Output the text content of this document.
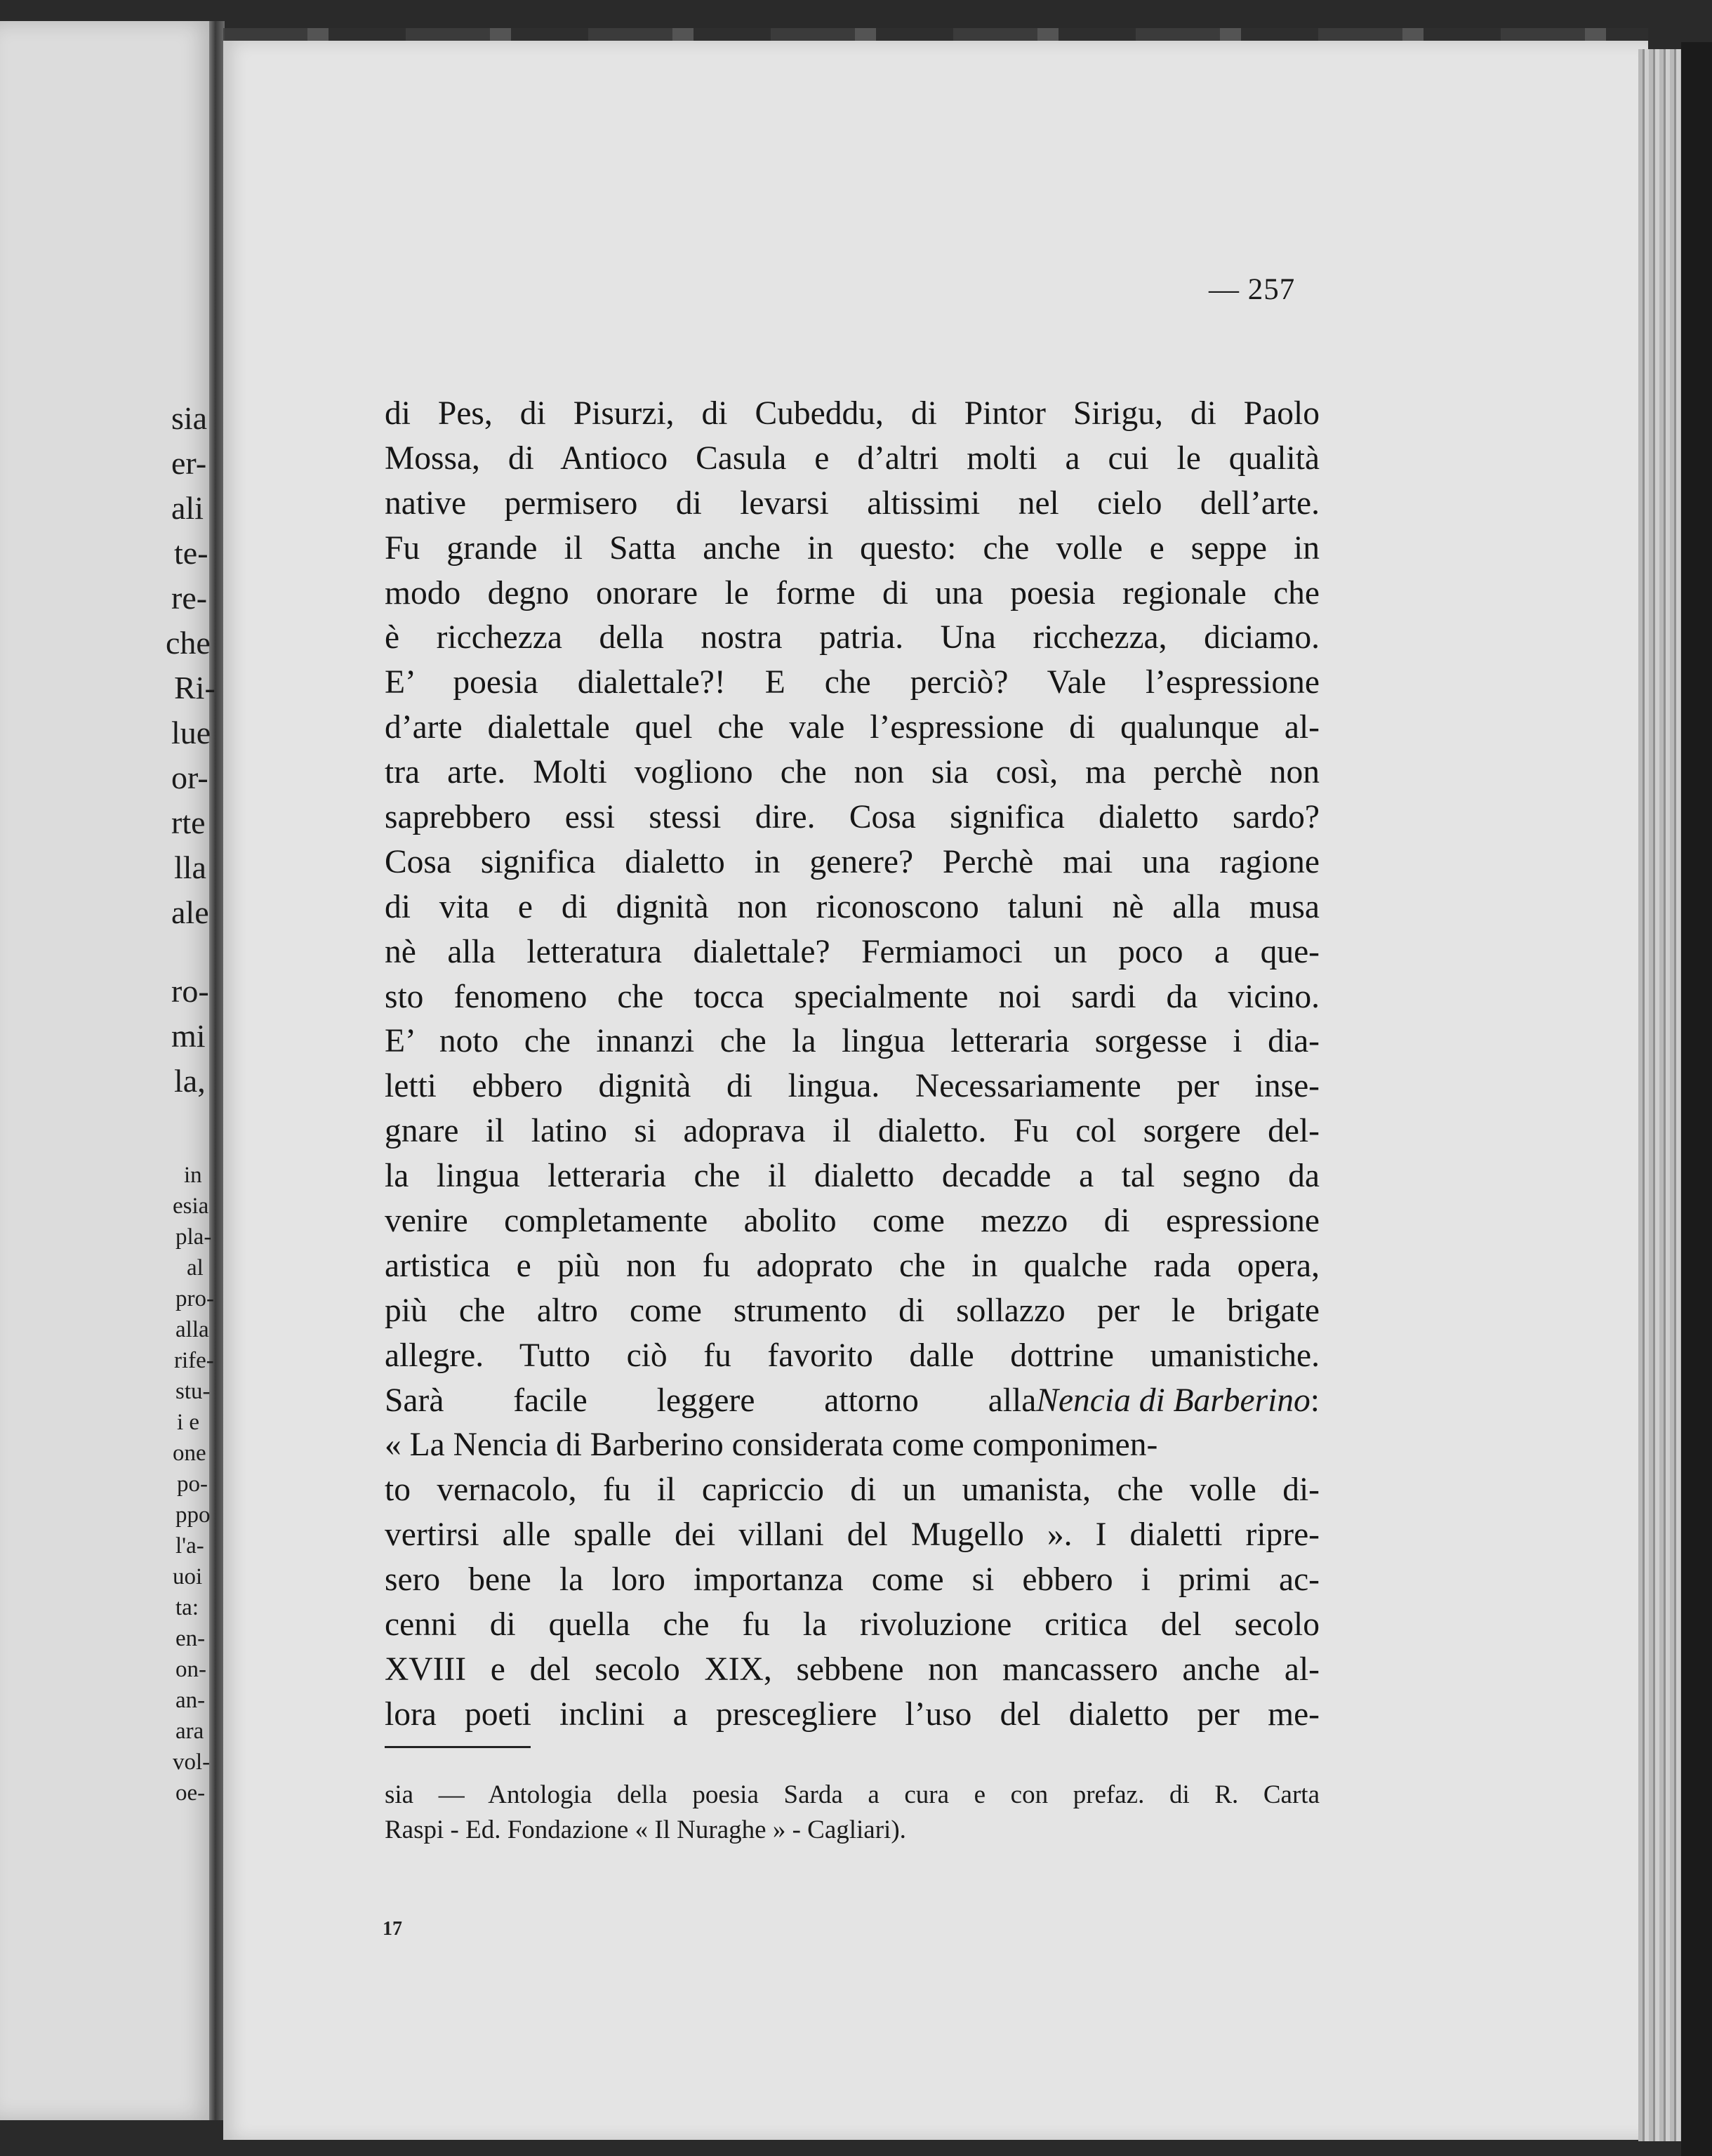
sia
er-
ali
te-
re-
che
Ri-
lue
or-
rte
lla
ale
ro-
mi
la,
in
esia
pla-
al
pro-
alla
rife-
stu-
i e
one
po-
ppo
l'a-
uoi
ta:
en-
on-
an-
ara
vol-
oe-
— 257
di Pes, di Pisurzi, di Cubeddu, di Pintor Sirigu, di Paolo
Mossa, di Antioco Casula e d’altri molti a cui le qualità
native permisero di levarsi altissimi nel cielo dell’arte.
Fu grande il Satta anche in questo: che volle e seppe in
modo degno onorare le forme di una poesia regionale che
è ricchezza della nostra patria. Una ricchezza, diciamo.
E’ poesia dialettale?! E che perciò? Vale l’espressione
d’arte dialettale quel che vale l’espressione di qualunque al-
tra arte. Molti vogliono che non sia così, ma perchè non
saprebbero essi stessi dire. Cosa significa dialetto sardo?
Cosa significa dialetto in genere? Perchè mai una ragione
di vita e di dignità non riconoscono taluni nè alla musa
nè alla letteratura dialettale? Fermiamoci un poco a que-
sto fenomeno che tocca specialmente noi sardi da vicino.
E’ noto che innanzi che la lingua letteraria sorgesse i dia-
letti ebbero dignità di lingua. Necessariamente per inse-
gnare il latino si adoprava il dialetto. Fu col sorgere del-
la lingua letteraria che il dialetto decadde a tal segno da
venire completamente abolito come mezzo di espressione
artistica e più non fu adoprato che in qualche rada opera,
più che altro come strumento di sollazzo per le brigate
allegre. Tutto ciò fu favorito dalle dottrine umanistiche.
Sarà facile leggere attorno alla Nencia di Barberino:
« La Nencia di Barberino considerata come componimen-
to vernacolo, fu il capriccio di un umanista, che volle di-
vertirsi alle spalle dei villani del Mugello ». I dialetti ripre-
sero bene la loro importanza come si ebbero i primi ac-
cenni di quella che fu la rivoluzione critica del secolo
XVIII e del secolo XIX, sebbene non mancassero anche al-
lora poeti inclini a prescegliere l’uso del dialetto per me-
sia — Antologia della poesia Sarda a cura e con prefaz. di R. Carta
Raspi - Ed. Fondazione « Il Nuraghe » - Cagliari).
17
